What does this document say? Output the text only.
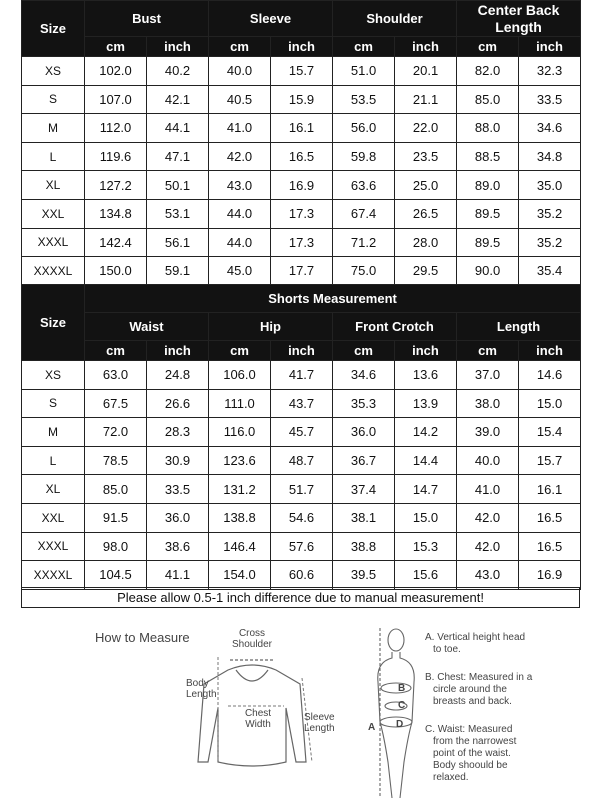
Size	Bust		Sleeve		Shoulder		Center Back Length	
	cm	inch	cm	inch	cm	inch	cm	inch
XS	102.0	40.2	40.0	15.7	51.0	20.1	82.0	32.3
S	107.0	42.1	40.5	15.9	53.5	21.1	85.0	33.5
M	112.0	44.1	41.0	16.1	56.0	22.0	88.0	34.6
L	119.6	47.1	42.0	16.5	59.8	23.5	88.5	34.8
XL	127.2	50.1	43.0	16.9	63.6	25.0	89.0	35.0
XXL	134.8	53.1	44.0	17.3	67.4	26.5	89.5	35.2
XXXL	142.4	56.1	44.0	17.3	71.2	28.0	89.5	35.2
XXXXL	150.0	59.1	45.0	17.7	75.0	29.5	90.0	35.4
Size	Shorts Measurement							
	Waist		Hip		Front Crotch		Length	
	cm	inch	cm	inch	cm	inch	cm	inch
XS	63.0	24.8	106.0	41.7	34.6	13.6	37.0	14.6
S	67.5	26.6	111.0	43.7	35.3	13.9	38.0	15.0
M	72.0	28.3	116.0	45.7	36.0	14.2	39.0	15.4
L	78.5	30.9	123.6	48.7	36.7	14.4	40.0	15.7
XL	85.0	33.5	131.2	51.7	37.4	14.7	41.0	16.1
XXL	91.5	36.0	138.8	54.6	38.1	15.0	42.0	16.5
XXXL	98.0	38.6	146.4	57.6	38.8	15.3	42.0	16.5
XXXXL	104.5	41.1	154.0	60.6	39.5	15.6	43.0	16.9
Please allow 0.5-1 inch difference due to manual measurement!
How to Measure	Cross
Shoulder
Body
Length
Chest
Width
Sleeve
Length
B
C
D
A
A. Vertical height head
to toe.
B. Chest: Measured in a
circle around the
breasts and back.
C. Waist: Measured
from the narrowest
point of the waist.
Body shoould be
relaxed.
